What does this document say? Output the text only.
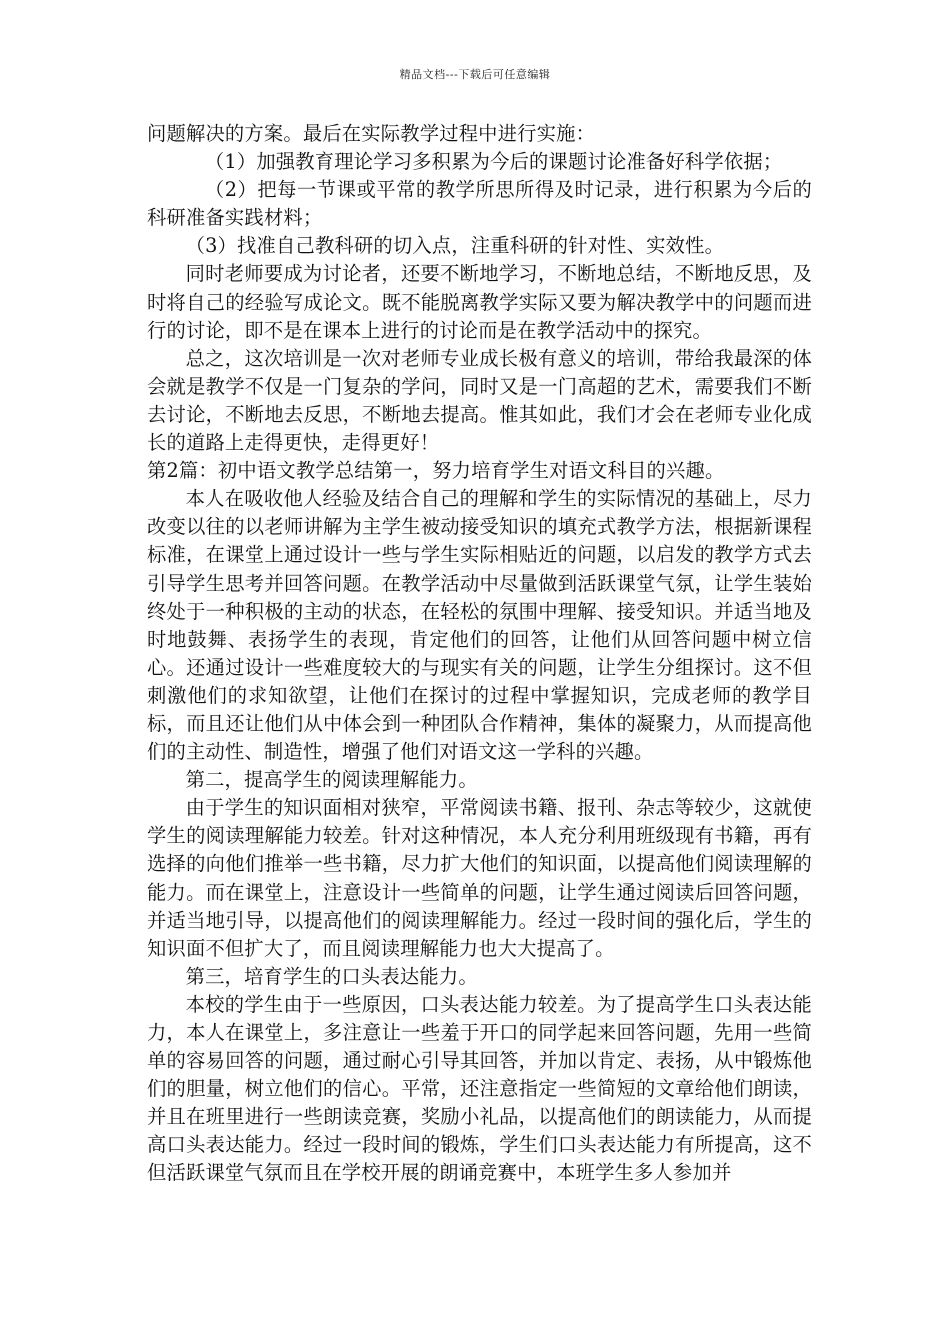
精品文档---下载后可任意编辑

问题解决的方案。最后在实际教学过程中进行实施：

（1）加强教育理论学习多积累为今后的课题讨论准备好科学依据；

（2）把每一节课或平常的教学所思所得及时记录，进行积累为今后的科研准备实践材料；

（3）找准自己教科研的切入点，注重科研的针对性、实效性。

同时老师要成为讨论者，还要不断地学习，不断地总结，不断地反思，及时将自己的经验写成论文。既不能脱离教学实际又要为解决教学中的问题而进行的讨论，即不是在课本上进行的讨论而是在教学活动中的探究。

总之，这次培训是一次对老师专业成长极有意义的培训，带给我最深的体会就是教学不仅是一门复杂的学问，同时又是一门高超的艺术，需要我们不断去讨论，不断地去反思，不断地去提高。惟其如此，我们才会在老师专业化成长的道路上走得更快，走得更好！

第2篇：初中语文教学总结第一，努力培育学生对语文科目的兴趣。

本人在吸收他人经验及结合自己的理解和学生的实际情况的基础上，尽力改变以往的以老师讲解为主学生被动接受知识的填充式教学方法，根据新课程标准，在课堂上通过设计一些与学生实际相贴近的问题，以启发的教学方式去引导学生思考并回答问题。在教学活动中尽量做到活跃课堂气氛，让学生装始终处于一种积极的主动的状态，在轻松的氛围中理解、接受知识。并适当地及时地鼓舞、表扬学生的表现，肯定他们的回答，让他们从回答问题中树立信心。还通过设计一些难度较大的与现实有关的问题，让学生分组探讨。这不但刺激他们的求知欲望，让他们在探讨的过程中掌握知识，完成老师的教学目标，而且还让他们从中体会到一种团队合作精神，集体的凝聚力，从而提高他们的主动性、制造性，增强了他们对语文这一学科的兴趣。

第二，提高学生的阅读理解能力。

由于学生的知识面相对狭窄，平常阅读书籍、报刊、杂志等较少，这就使学生的阅读理解能力较差。针对这种情况，本人充分利用班级现有书籍，再有选择的向他们推举一些书籍，尽力扩大他们的知识面，以提高他们阅读理解的能力。而在课堂上，注意设计一些简单的问题，让学生通过阅读后回答问题，并适当地引导，以提高他们的阅读理解能力。经过一段时间的强化后，学生的知识面不但扩大了，而且阅读理解能力也大大提高了。

第三，培育学生的口头表达能力。

本校的学生由于一些原因，口头表达能力较差。为了提高学生口头表达能力，本人在课堂上，多注意让一些羞于开口的同学起来回答问题，先用一些简单的容易回答的问题，通过耐心引导其回答，并加以肯定、表扬，从中锻炼他们的胆量，树立他们的信心。平常，还注意指定一些简短的文章给他们朗读，并且在班里进行一些朗读竞赛，奖励小礼品，以提高他们的朗读能力，从而提高口头表达能力。经过一段时间的锻炼，学生们口头表达能力有所提高，这不但活跃课堂气氛而且在学校开展的朗诵竞赛中，本班学生多人参加并
